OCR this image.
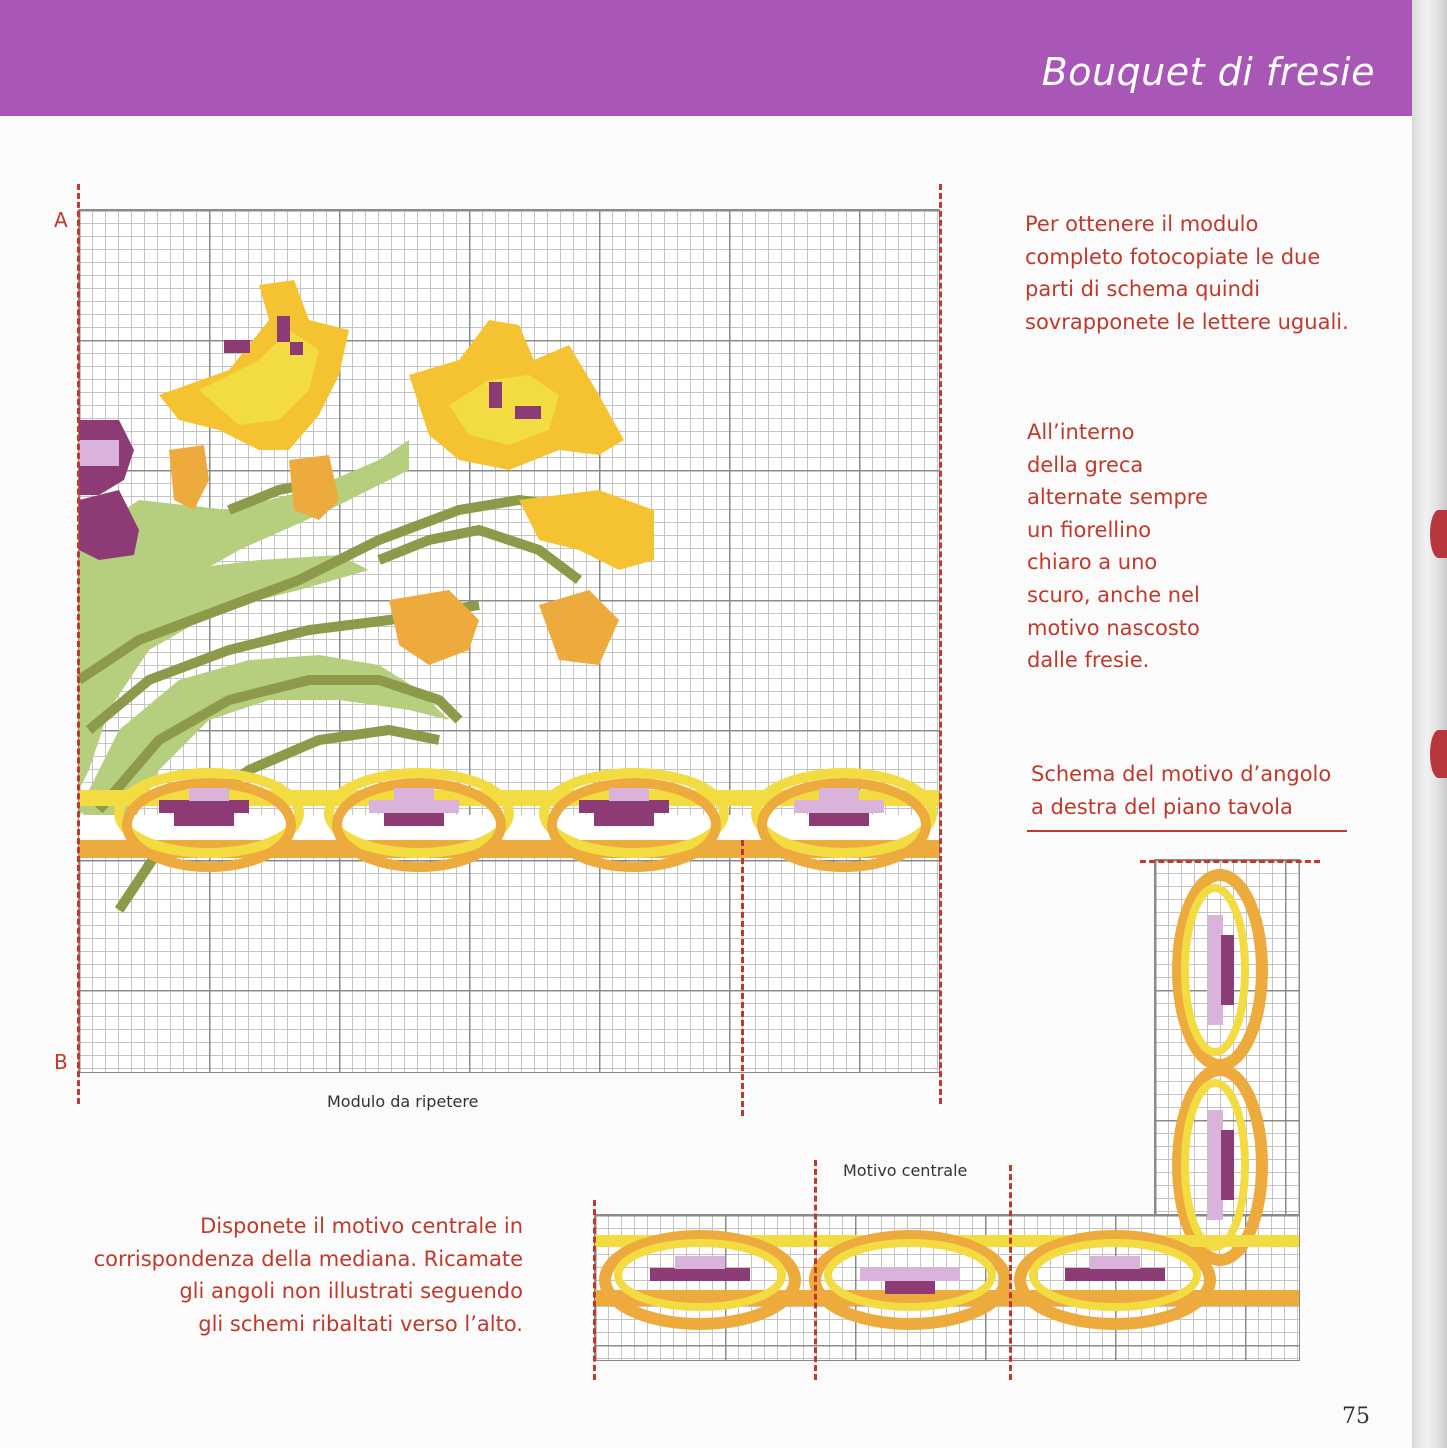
Bouquet di fresie
A
B
Modulo da ripetere
Per ottenere il modulo
completo fotocopiate le due
parti di schema quindi
sovrapponete le lettere uguali.
All’interno
della greca
alternate sempre
un fiorellino
chiaro a uno
scuro, anche nel
motivo nascosto
dalle fresie.
Schema del motivo d’angolo
a destra del piano tavola
Motivo centrale
Disponete il motivo centrale in
corrispondenza della mediana. Ricamate
gli angoli non illustrati seguendo
gli schemi ribaltati verso l’alto.
75
